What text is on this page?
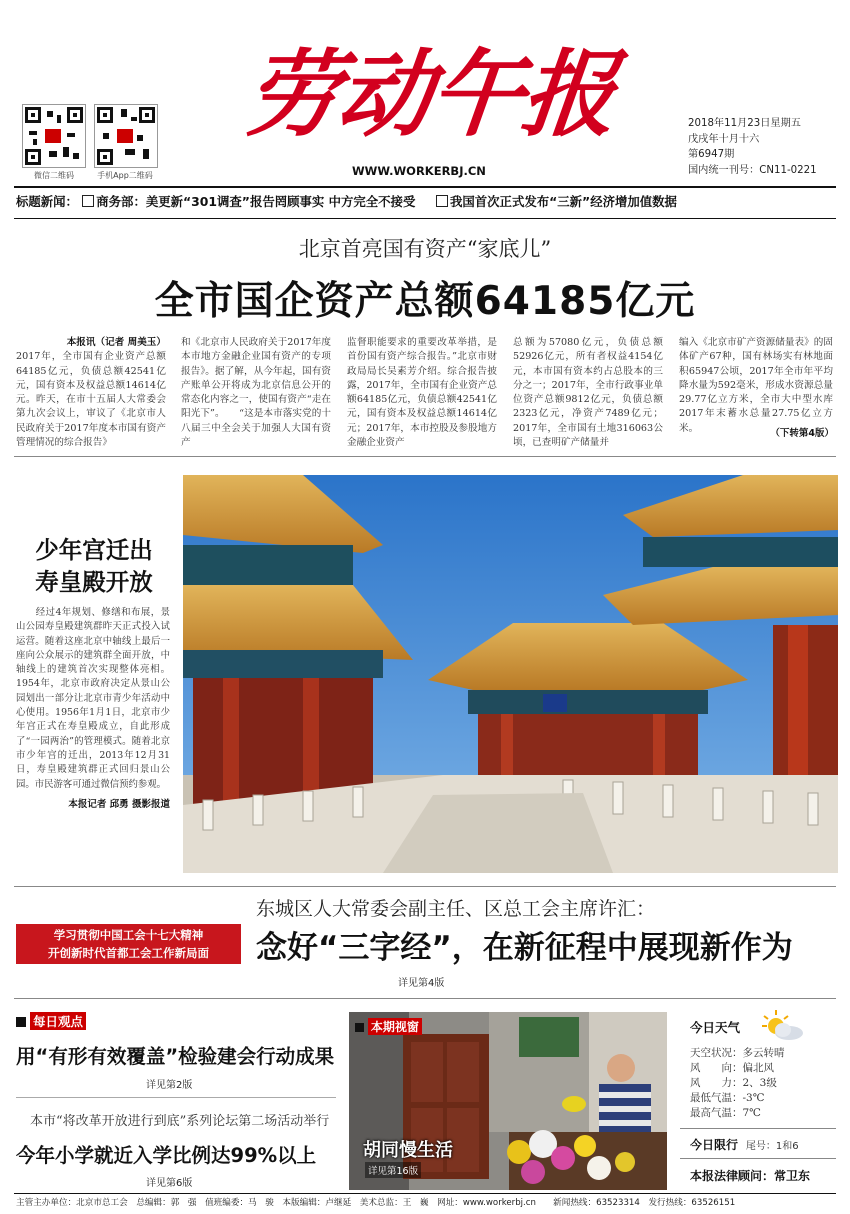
微信二维码	手机App二维码
劳动午报
WWW.WORKERBJ.CN
2018年11月23日星期五
戊戌年十月十六
第6947期
国内统一刊号：CN11-0221
标题新闻： 商务部：美更新“301调查”报告罔顾事实 中方完全不接受	我国首次正式发布“三新”经济增加值数据
北京首亮国有资产“家底儿”
全市国企资产总额64185亿元
本报讯（记者 周美玉）
2017年，全市国有企业资产总额64185亿元，负债总额42541亿元，国有资本及权益总额14614亿元。昨天，在市十五届人大常委会第九次会议上，审议了《北京市人民政府关于2017年度本市国有资产管理情况的综合报告》
和《北京市人民政府关于2017年度本市地方金融企业国有资产的专项报告》。据了解，从今年起，国有资产账单公开将成为北京信息公开的常态化内容之一，使国有资产“走在阳光下”。　　“这是本市落实党的十八届三中全会关于加强人大国有资产
监督职能要求的重要改革举措，是首份国有资产综合报告。”北京市财政局局长吴素芳介绍。综合报告披露，2017年，全市国有企业资产总额64185亿元，负债总额42541亿元，国有资本及权益总额14614亿元；2017年，本市控股及参股地方金融企业资产
总额为57080亿元，负债总额52926亿元，所有者权益4154亿元，本市国有资本约占总股本的三分之一；2017年，全市行政事业单位资产总额9812亿元，负债总额2323亿元，净资产7489亿元；2017年，全市国有土地316063公顷，已查明矿产储量并
编入《北京市矿产资源储量表》的固体矿产67种，国有林场实有林地面积65947公顷，2017年全市年平均降水量为592毫米，形成水资源总量29.77亿立方米，全市大中型水库2017年末蓄水总量27.75亿立方米。	（下转第4版）
少年宫迁出
寿皇殿开放
　　经过4年规划、修缮和布展，景山公园寿皇殿建筑群昨天正式投入试运营。随着这座北京中轴线上最后一座向公众展示的建筑群全面开放，中轴线上的建筑首次实现整体亮相。1954年，北京市政府决定从景山公园划出一部分让北京市青少年活动中心使用。1956年1月1日，北京市少年宫正式在寿皇殿成立，自此形成了“一园两治”的管理模式。随着北京市少年宫的迁出，2013年12月31日，寿皇殿建筑群正式回归景山公园。市民游客可通过微信预约参观。
本报记者 邱勇 摄影报道
东城区人大常委会副主任、区总工会主席许汇：
学习贯彻中国工会十七大精神
开创新时代首都工会工作新局面	念好“三字经”，在新征程中展现新作为
详见第4版
每日观点
用“有形有效覆盖”检验建会行动成果
详见第2版
本市“将改革开放进行到底”系列论坛第二场活动举行
今年小学就近入学比例达99%以上
详见第6版
本期视窗
胡同慢生活
详见第16版
今日天气
天空状况：多云转晴
风　　向：偏北风
风　　力：2、3级
最低气温：-3℃
最高气温：7℃
今日限行 尾号：1和6
本报法律顾问：常卫东
主管主办单位：北京市总工会　总编辑：郭　强　值班编委：马　骏　本版编辑：卢继延　美术总监：王　巍　网址：www.workerbj.cn　　新闻热线：63523314　发行热线：63526151
